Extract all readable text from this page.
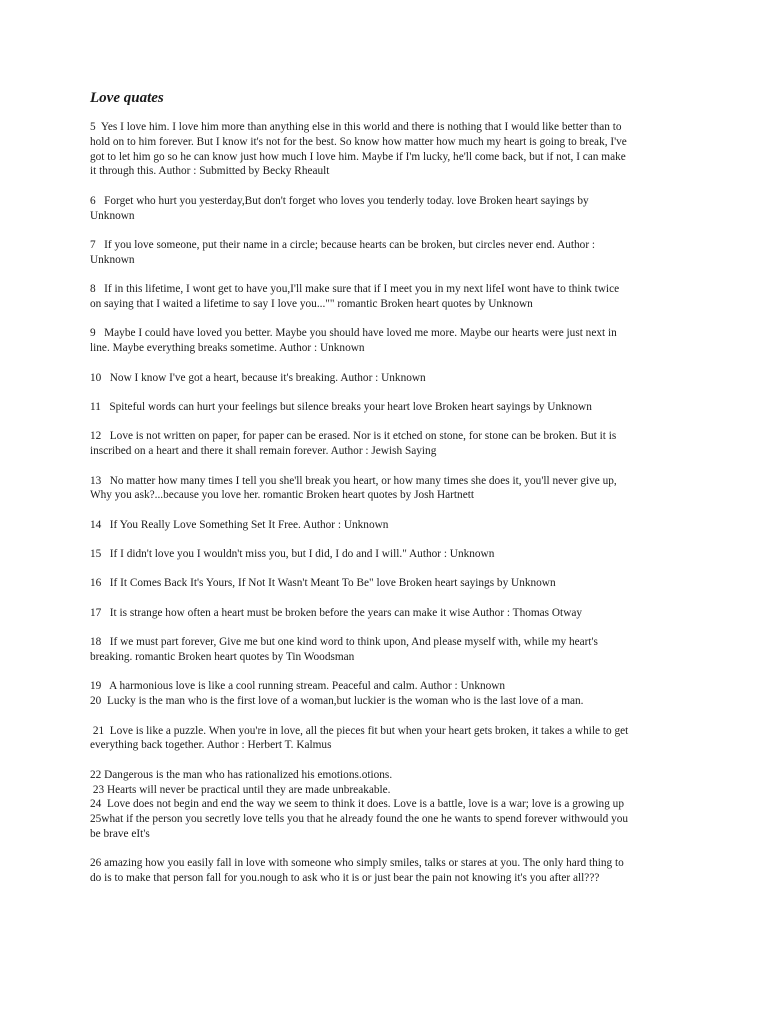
Love quates
5  Yes I love him. I love him more than anything else in this world and there is nothing that I would like better than to
hold on to him forever. But I know it's not for the best. So know how matter how much my heart is going to break, I've
got to let him go so he can know just how much I love him. Maybe if I'm lucky, he'll come back, but if not, I can make
it through this. Author : Submitted by Becky Rheault
6   Forget who hurt you yesterday,But don't forget who loves you tenderly today. love Broken heart sayings by
Unknown
7   If you love someone, put their name in a circle; because hearts can be broken, but circles never end. Author :
Unknown
8   If in this lifetime, I wont get to have you,I'll make sure that if I meet you in my next lifeI wont have to think twice
on saying that I waited a lifetime to say I love you..."" romantic Broken heart quotes by Unknown
9   Maybe I could have loved you better. Maybe you should have loved me more. Maybe our hearts were just next in
line. Maybe everything breaks sometime. Author : Unknown
10   Now I know I've got a heart, because it's breaking. Author : Unknown
11   Spiteful words can hurt your feelings but silence breaks your heart love Broken heart sayings by Unknown
12   Love is not written on paper, for paper can be erased. Nor is it etched on stone, for stone can be broken. But it is
inscribed on a heart and there it shall remain forever. Author : Jewish Saying
13   No matter how many times I tell you she'll break you heart, or how many times she does it, you'll never give up,
Why you ask?...because you love her. romantic Broken heart quotes by Josh Hartnett
14   If You Really Love Something Set It Free. Author : Unknown
15   If I didn't love you I wouldn't miss you, but I did, I do and I will." Author : Unknown
16   If It Comes Back It's Yours, If Not It Wasn't Meant To Be" love Broken heart sayings by Unknown
17   It is strange how often a heart must be broken before the years can make it wise Author : Thomas Otway
18   If we must part forever, Give me but one kind word to think upon, And please myself with, while my heart's
breaking. romantic Broken heart quotes by Tin Woodsman
19   A harmonious love is like a cool running stream. Peaceful and calm. Author : Unknown
20  Lucky is the man who is the first love of a woman,but luckier is the woman who is the last love of a man.
21  Love is like a puzzle. When you're in love, all the pieces fit but when your heart gets broken, it takes a while to get
everything back together. Author : Herbert T. Kalmus
22 Dangerous is the man who has rationalized his emotions.otions.
23 Hearts will never be practical until they are made unbreakable.
24  Love does not begin and end the way we seem to think it does. Love is a battle, love is a war; love is a growing up
25what if the person you secretly love tells you that he already found the one he wants to spend forever withwould you
be brave eIt's
26 amazing how you easily fall in love with someone who simply smiles, talks or stares at you. The only hard thing to
do is to make that person fall for you.nough to ask who it is or just bear the pain not knowing it's you after all???
